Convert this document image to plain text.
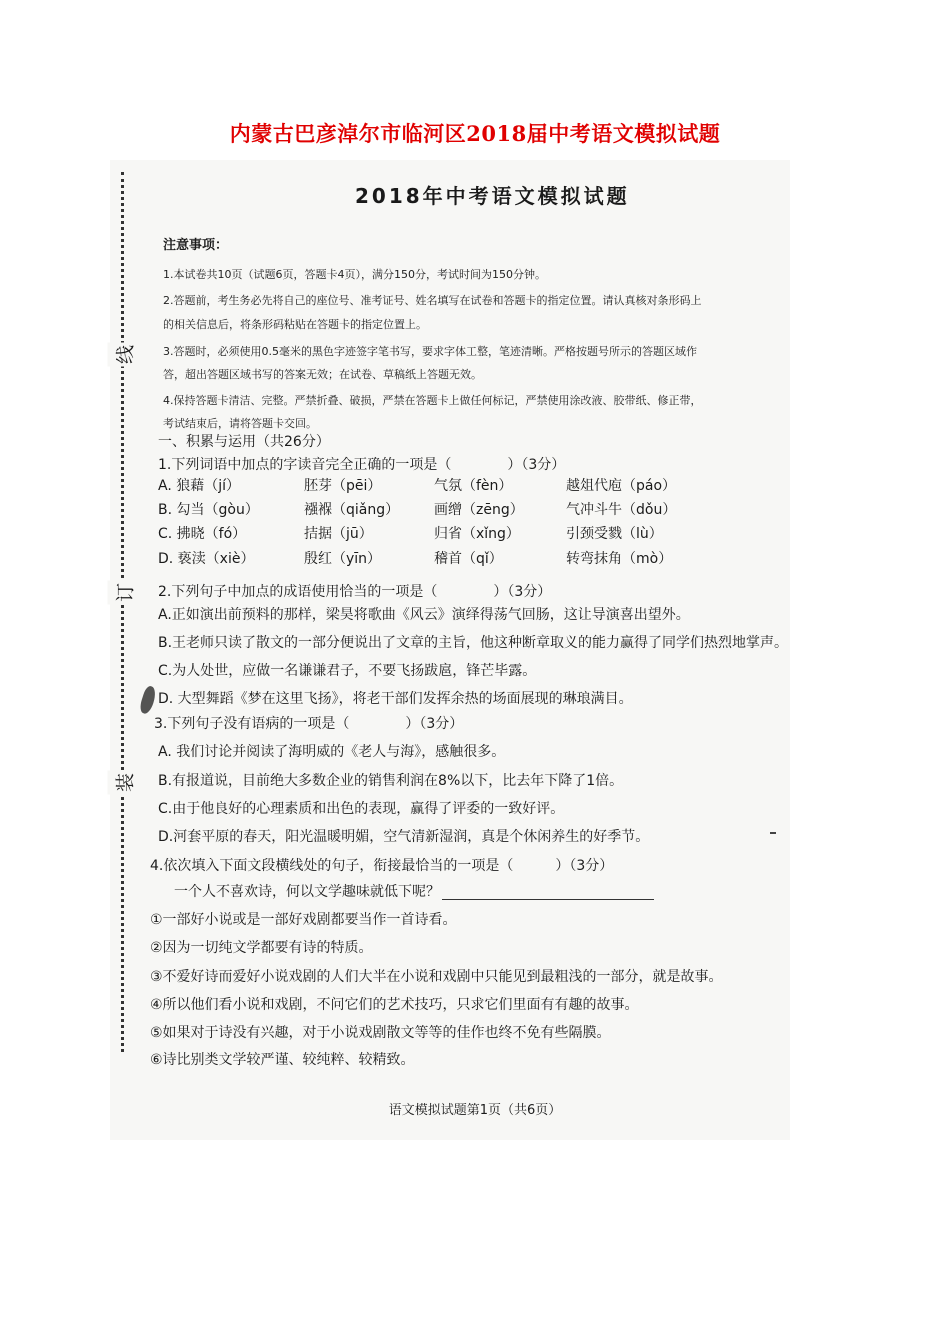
内蒙古巴彦淖尔市临河区2018届中考语文模拟试题
线
订
装
2018年中考语文模拟试题
注意事项：
1.本试卷共10页（试题6页，答题卡4页），满分150分，考试时间为150分钟。
2.答题前，考生务必先将自己的座位号、准考证号、姓名填写在试卷和答题卡的指定位置。请认真核对条形码上
的相关信息后，将条形码粘贴在答题卡的指定位置上。
3.答题时，必须使用0.5毫米的黑色字迹签字笔书写，要求字体工整，笔迹清晰。严格按题号所示的答题区域作
答，超出答题区域书写的答案无效；在试卷、草稿纸上答题无效。
4.保持答题卡清洁、完整。严禁折叠、破损，严禁在答题卡上做任何标记，严禁使用涂改液、胶带纸、修正带，
考试结束后，请将答题卡交回。
一、积累与运用（共26分）
1.下列词语中加点的字读音完全正确的一项是（　　　　）（3分）
A. 狼藉（jí）	胚芽（pēi）	气氛（fèn）	越俎代庖（páo）
B. 勾当（gòu）	襁褓（qiǎng） 画缯（zēng）	气冲斗牛（dǒu）
C. 拂晓（fó）	拮据（jū）	归省（xǐng）	引颈受戮（lù）
D. 亵渎（xiè）	殷红（yīn）	稽首（qǐ）	转弯抹角（mò）
2.下列句子中加点的成语使用恰当的一项是（　　　　）（3分）
A.正如演出前预料的那样，梁昊将歌曲《风云》演绎得荡气回肠，这让导演喜出望外。
B.王老师只读了散文的一部分便说出了文章的主旨，他这种断章取义的能力赢得了同学们热烈地掌声。
C.为人处世，应做一名谦谦君子，不要飞扬跋扈，锋芒毕露。
D. 大型舞蹈《梦在这里飞扬》，将老干部们发挥余热的场面展现的琳琅满目。
3.下列句子没有语病的一项是（　　　　）（3分）
A. 我们讨论并阅读了海明威的《老人与海》，感触很多。
B.有报道说，目前绝大多数企业的销售利润在8%以下，比去年下降了1倍。
C.由于他良好的心理素质和出色的表现，赢得了评委的一致好评。
D.河套平原的春天，阳光温暖明媚，空气清新湿润，真是个休闲养生的好季节。
4.依次填入下面文段横线处的句子，衔接最恰当的一项是（　　　）（3分）
一个人不喜欢诗，何以文学趣味就低下呢？
①一部好小说或是一部好戏剧都要当作一首诗看。
②因为一切纯文学都要有诗的特质。
③不爱好诗而爱好小说戏剧的人们大半在小说和戏剧中只能见到最粗浅的一部分，就是故事。
④所以他们看小说和戏剧，不问它们的艺术技巧，只求它们里面有有趣的故事。
⑤如果对于诗没有兴趣，对于小说戏剧散文等等的佳作也终不免有些隔膜。
⑥诗比别类文学较严谨、较纯粹、较精致。
语文模拟试题第1页（共6页）
